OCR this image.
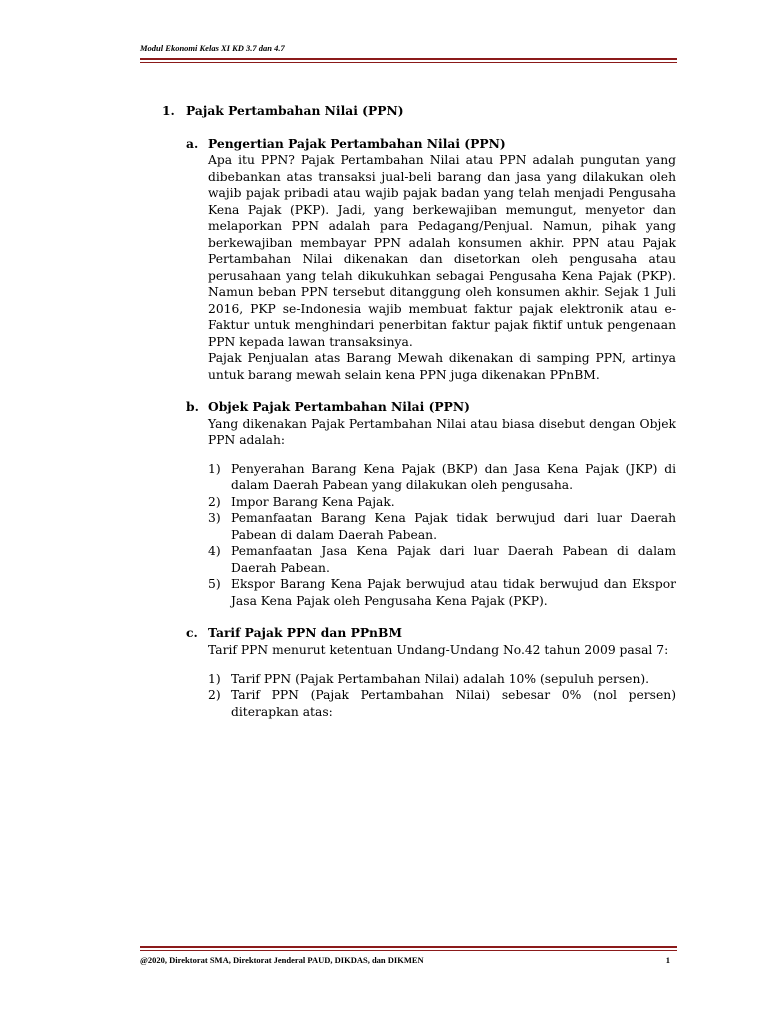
Modul Ekonomi Kelas XI KD 3.7 dan 4.7
1. Pajak Pertambahan Nilai (PPN)
a. Pengertian Pajak Pertambahan Nilai (PPN)

Apa itu PPN? Pajak Pertambahan Nilai atau PPN adalah pungutan yang dibebankan atas transaksi jual-beli barang dan jasa yang dilakukan oleh wajib pajak pribadi atau wajib pajak badan yang telah menjadi Pengusaha Kena Pajak (PKP). Jadi, yang berkewajiban memungut, menyetor dan melaporkan PPN adalah para Pedagang/Penjual. Namun, pihak yang berkewajiban membayar PPN adalah konsumen akhir. PPN atau Pajak Pertambahan Nilai dikenakan dan disetorkan oleh pengusaha atau perusahaan yang telah dikukuhkan sebagai Pengusaha Kena Pajak (PKP). Namun beban PPN tersebut ditanggung oleh konsumen akhir. Sejak 1 Juli 2016, PKP se-Indonesia wajib membuat faktur pajak elektronik atau e-Faktur untuk menghindari penerbitan faktur pajak fiktif untuk pengenaan PPN kepada lawan transaksinya.

Pajak Penjualan atas Barang Mewah dikenakan di samping PPN, artinya untuk barang mewah selain kena PPN juga dikenakan PPnBM.

b. Objek Pajak Pertambahan Nilai (PPN)

Yang dikenakan Pajak Pertambahan Nilai atau biasa disebut dengan Objek PPN adalah:

1) Penyerahan Barang Kena Pajak (BKP) dan Jasa Kena Pajak (JKP) di dalam Daerah Pabean yang dilakukan oleh pengusaha.
2) Impor Barang Kena Pajak.
3) Pemanfaatan Barang Kena Pajak tidak berwujud dari luar Daerah Pabean di dalam Daerah Pabean.
4) Pemanfaatan Jasa Kena Pajak dari luar Daerah Pabean di dalam Daerah Pabean.
5) Ekspor Barang Kena Pajak berwujud atau tidak berwujud dan Ekspor Jasa Kena Pajak oleh Pengusaha Kena Pajak (PKP).
c. Tarif Pajak PPN dan PPnBM

Tarif PPN menurut ketentuan Undang-Undang No.42 tahun 2009 pasal 7:

1) Tarif PPN (Pajak Pertambahan Nilai) adalah 10% (sepuluh persen).
2) Tarif PPN (Pajak Pertambahan Nilai) sebesar 0% (nol persen) diterapkan atas:
@2020, Direktorat SMA, Direktorat Jenderal PAUD, DIKDAS, dan DIKMEN	1
